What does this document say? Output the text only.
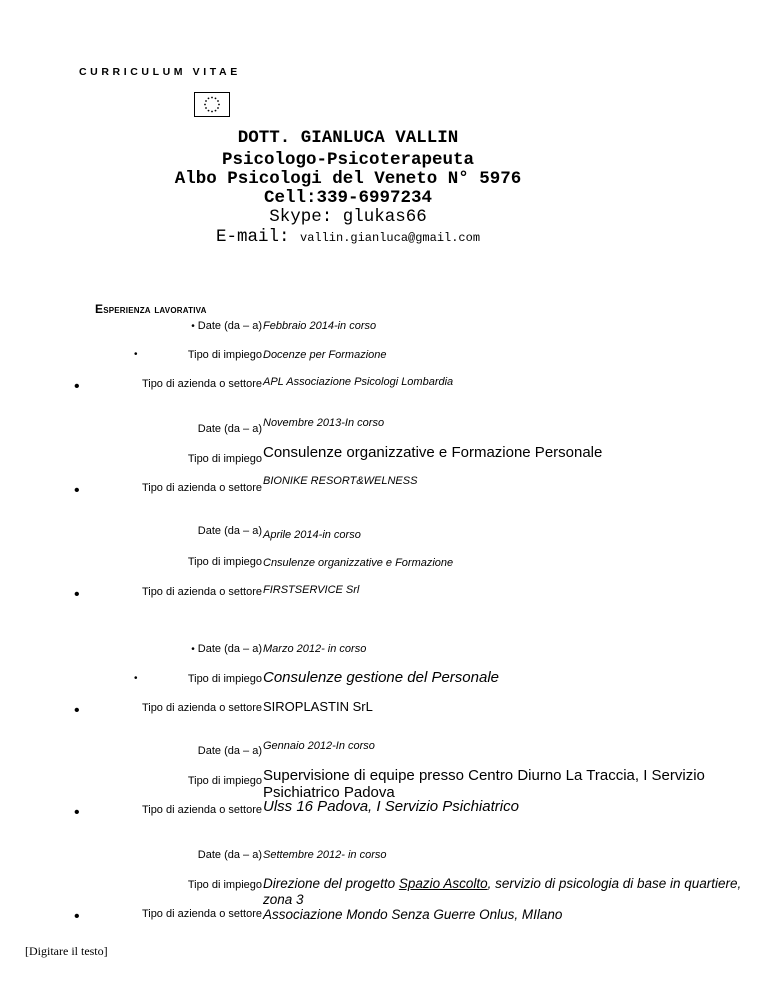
CURRICULUM VITAE
DOTT. GIANLUCA VALLIN
Psicologo-Psicoterapeuta
Albo Psicologi del Veneto N° 5976
Cell:339-6997234
Skype: glukas66
E-mail: vallin.gianluca@gmail.com
Esperienza lavorativa
• Date (da – a) Febbraio 2014-in corso
•	Tipo di impiego Docenze per Formazione
•	Tipo di azienda o settore APL Associazione Psicologi Lombardia
Date (da – a) Novembre 2013-In corso
Tipo di impiego Consulenze organizzative e Formazione Personale
•	Tipo di azienda o settore
BIONIKE RESORT&WELNESS
Date (da – a) Aprile 2014-in corso
Tipo di impiego Cnsulenze organizzative e Formazione
•	Tipo di azienda o settore FIRSTSERVICE Srl
• Date (da – a) Marzo 2012- in corso
•	Tipo di impiego Consulenze gestione del Personale
•	Tipo di azienda o settore SIROPLASTIN SrL
Date (da – a) Gennaio 2012-In corso
Tipo di impiego Supervisione di equipe presso Centro Diurno La Traccia, I Servizio Psichiatrico Padova
•	Tipo di azienda o settore Ulss 16 Padova, I Servizio Psichiatrico
Date (da – a) Settembre 2012- in corso
Tipo di impiego Direzione del progetto Spazio Ascolto, servizio di psicologia di base in quartiere, zona 3
•	Tipo di azienda o settore Associazione Mondo Senza Guerre Onlus, MIlano
[Digitare il testo]
